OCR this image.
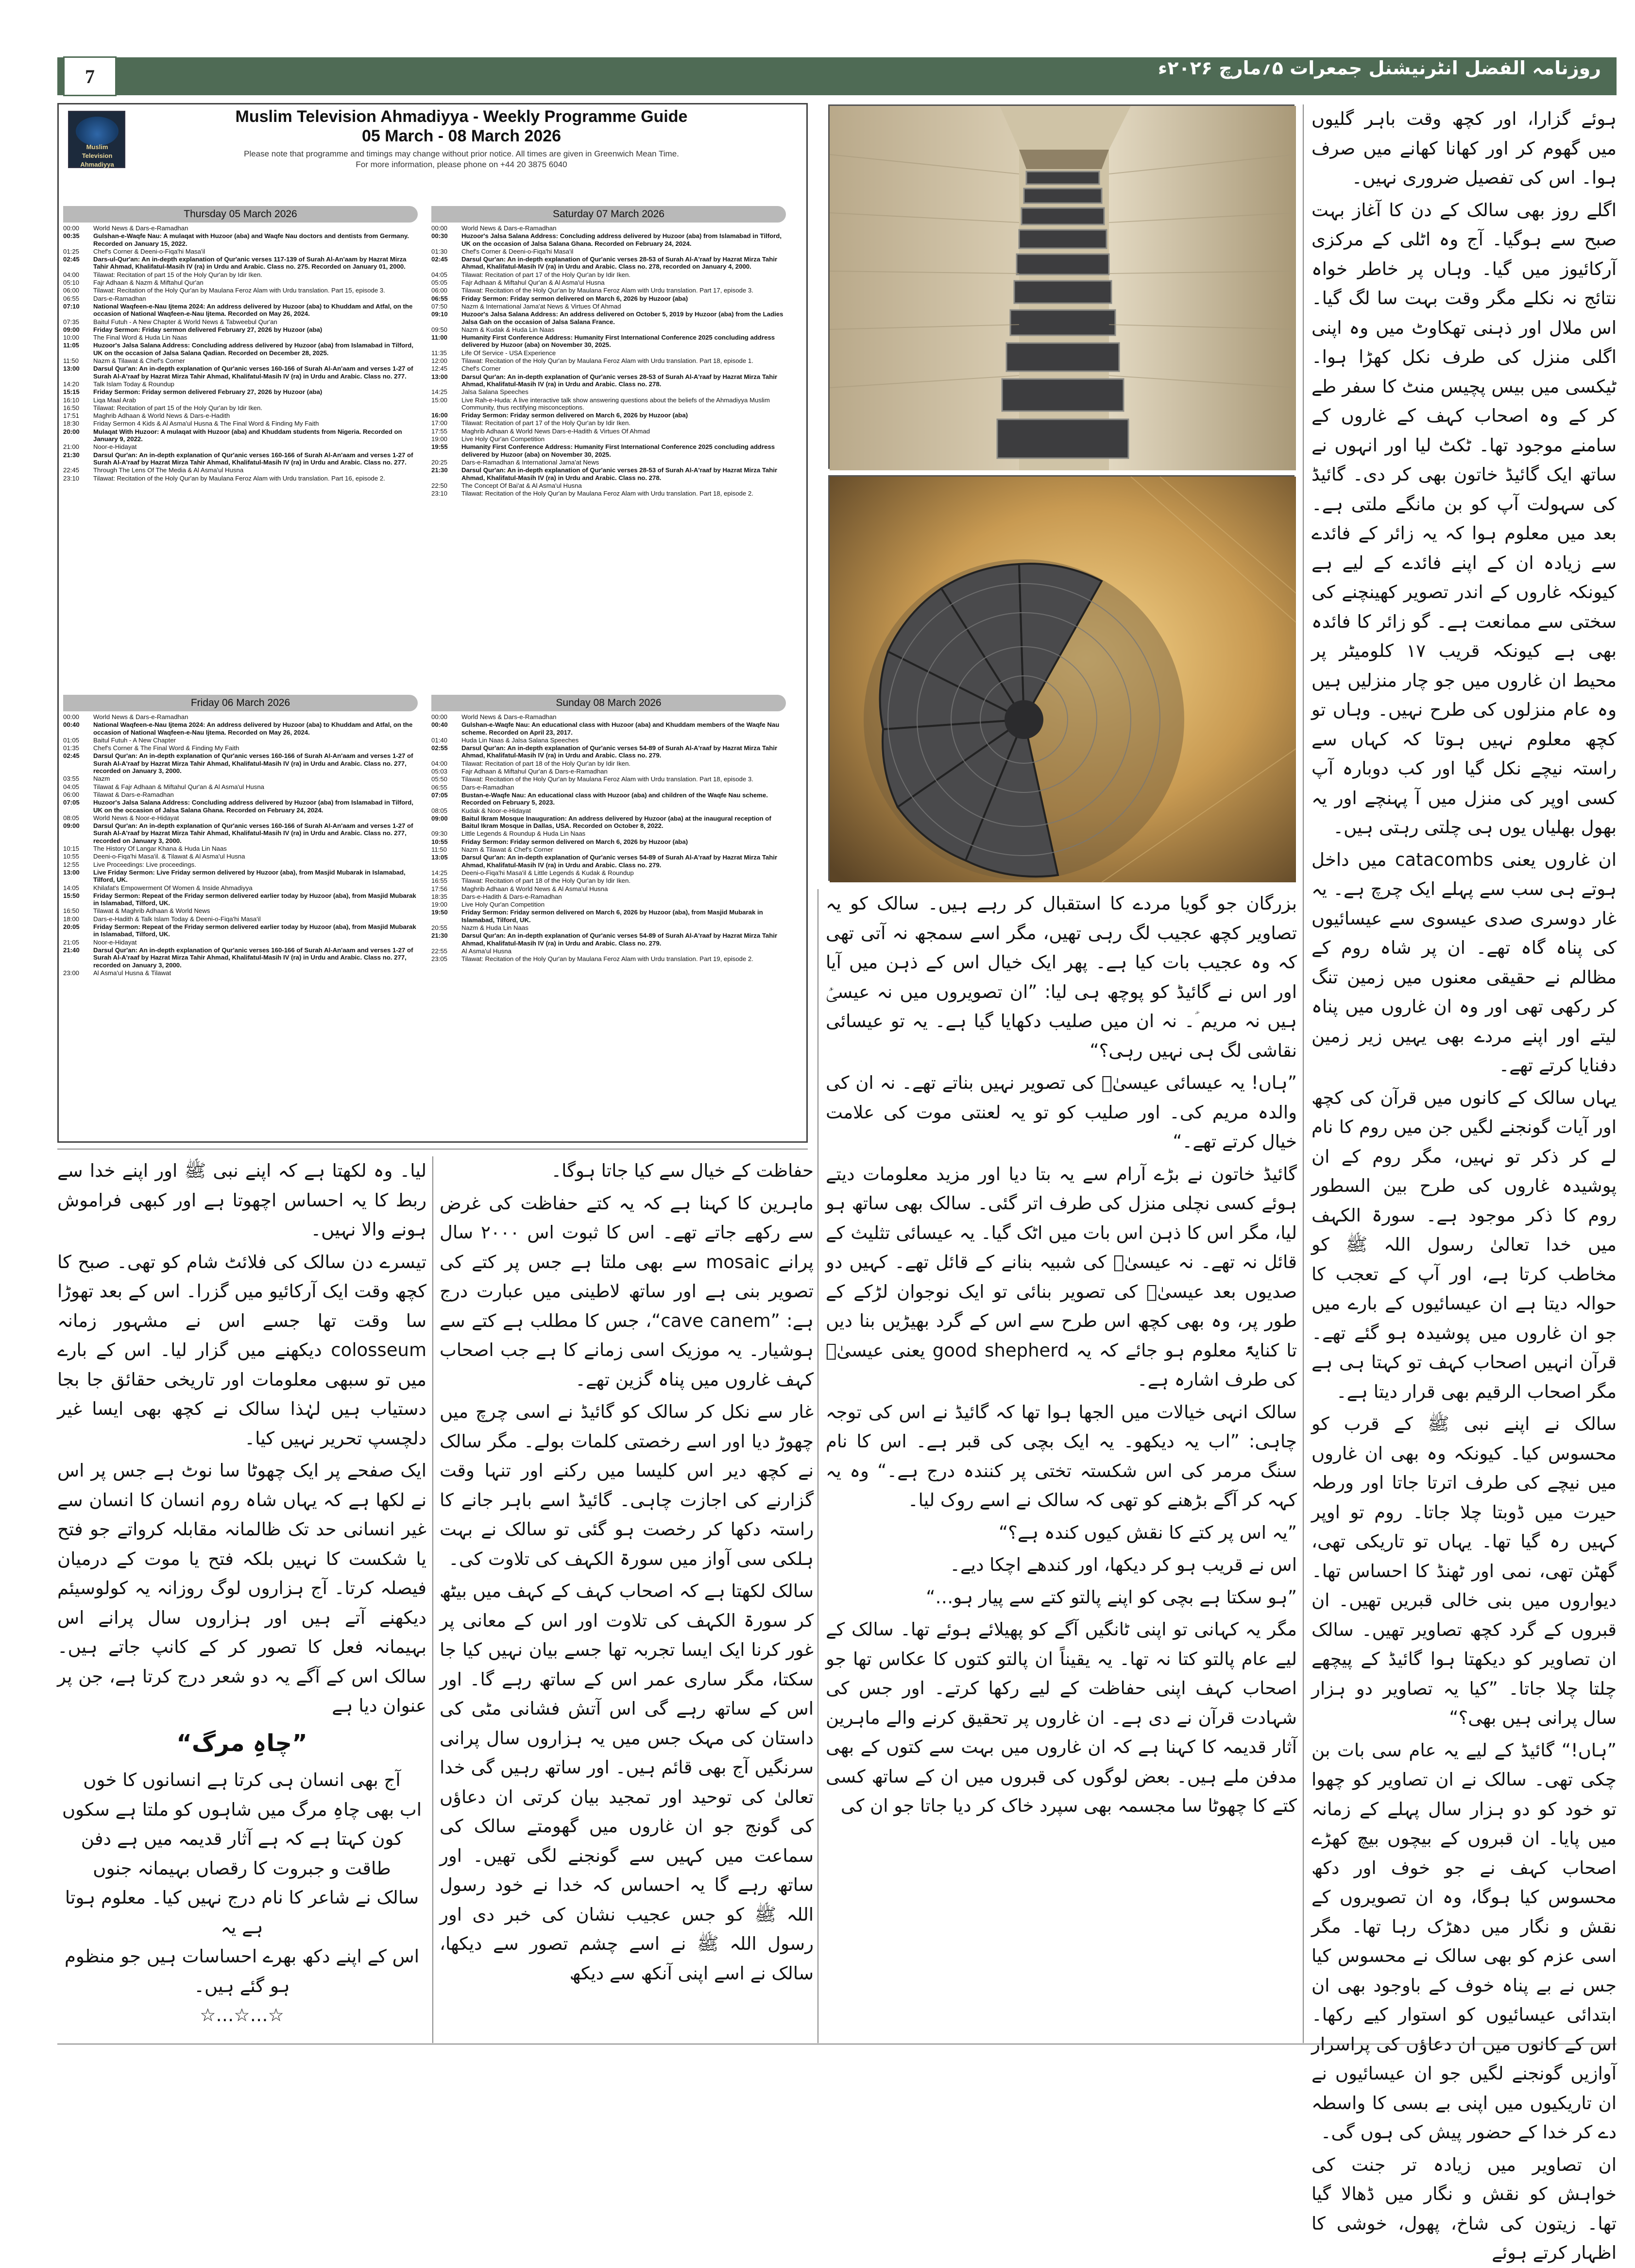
7	روزنامہ الفضل انٹرنیشنل جمعرات ۵؍مارچ ۲۰۲۶ء
Muslim Television Ahmadiyya
Muslim Television Ahmadiyya - Weekly Programme Guide
05 March - 08 March 2026
Please note that programme and timings may change without prior notice. All times are given in Greenwich Mean Time.
For more information, please phone on +44 20 3875 6040
Thursday 05 March 2026
00:00	World News & Dars-e-Ramadhan
00:35	Gulshan-e-Waqfe Nau: A mulaqat with Huzoor (aba) and Waqfe Nau doctors and dentists from Germany. Recorded on January 15, 2022.
01:25	Chef's Corner & Deeni-o-Fiqa'hi Masa'il
02:45	Dars-ul-Qur'an: An in-depth explanation of Qur'anic verses 117-139 of Surah Al-An'aam by Hazrat Mirza Tahir Ahmad, Khalifatul-Masih IV (ra) in Urdu and Arabic. Class no. 275. Recorded on January 01, 2000.
04:00	Tilawat: Recitation of part 15 of the Holy Qur'an by Idir Iken.
05:10	Fajr Adhaan & Nazm & Miftahul Qur'an
06:00	Tilawat: Recitation of the Holy Qur'an by Maulana Feroz Alam with Urdu translation. Part 15, episode 3.
06:55	Dars-e-Ramadhan
07:10	National Waqfeen-e-Nau Ijtema 2024: An address delivered by Huzoor (aba) to Khuddam and Atfal, on the occasion of National Waqfeen-e-Nau Ijtema. Recorded on May 26, 2024.
07:35	Baitul Futuh - A New Chapter & World News & Tabweebul Qur'an
09:00	Friday Sermon: Friday sermon delivered February 27, 2026 by Huzoor (aba)
10:00	The Final Word & Huda Lin Naas
11:05	Huzoor's Jalsa Salana Address: Concluding address delivered by Huzoor (aba) from Islamabad in Tilford, UK on the occasion of Jalsa Salana Qadian. Recorded on December 28, 2025.
11:50	Nazm & Tilawat & Chef's Corner
13:00	Darsul Qur'an: An in-depth explanation of Qur'anic verses 160-166 of Surah Al-An'aam and verses 1-27 of Surah Al-A'raaf by Hazrat Mirza Tahir Ahmad, Khalifatul-Masih IV (ra) in Urdu and Arabic. Class no. 277.
14:20	Talk Islam Today & Roundup
15:15	Friday Sermon: Friday sermon delivered February 27, 2026 by Huzoor (aba)
16:10	Liqa Maal Arab
16:50	Tilawat: Recitation of part 15 of the Holy Qur'an by Idir Iken.
17:51	Maghrib Adhaan & World News & Dars-e-Hadith
18:30	Friday Sermon 4 Kids & Al Asma'ul Husna & The Final Word & Finding My Faith
20:00	Mulaqat With Huzoor: A mulaqat with Huzoor (aba) and Khuddam students from Nigeria. Recorded on January 9, 2022.
21:00	Noor-e-Hidayat
21:30	Darsul Qur'an: An in-depth explanation of Qur'anic verses 160-166 of Surah Al-An'aam and verses 1-27 of Surah Al-A'raaf by Hazrat Mirza Tahir Ahmad, Khalifatul-Masih IV (ra) in Urdu and Arabic. Class no. 277.
22:45	Through The Lens Of The Media & Al Asma'ul Husna
23:10	Tilawat: Recitation of the Holy Qur'an by Maulana Feroz Alam with Urdu translation. Part 16, episode 2.
Friday 06 March 2026
00:00	World News & Dars-e-Ramadhan
00:40	National Waqfeen-e-Nau Ijtema 2024: An address delivered by Huzoor (aba) to Khuddam and Atfal, on the occasion of National Waqfeen-e-Nau Ijtema. Recorded on May 26, 2024.
01:05	Baitul Futuh - A New Chapter
01:35	Chef's Corner & The Final Word & Finding My Faith
02:45	Darsul Qur'an: An in-depth explanation of Qur'anic verses 160-166 of Surah Al-An'aam and verses 1-27 of Surah Al-A'raaf by Hazrat Mirza Tahir Ahmad, Khalifatul-Masih IV (ra) in Urdu and Arabic. Class no. 277, recorded on January 3, 2000.
03:55	Nazm
04:05	Tilawat & Fajr Adhaan & Miftahul Qur'an & Al Asma'ul Husna
06:00	Tilawat & Dars-e-Ramadhan
07:05	Huzoor's Jalsa Salana Address: Concluding address delivered by Huzoor (aba) from Islamabad in Tilford, UK on the occasion of Jalsa Salana Ghana. Recorded on February 24, 2024.
08:05	World News & Noor-e-Hidayat
09:00	Darsul Qur'an: An in-depth explanation of Qur'anic verses 160-166 of Surah Al-An'aam and verses 1-27 of Surah Al-A'raaf by Hazrat Mirza Tahir Ahmad, Khalifatul-Masih IV (ra) in Urdu and Arabic. Class no. 277, recorded on January 3, 2000.
10:15	The History Of Langar Khana & Huda Lin Naas
10:55	Deeni-o-Fiqa'hi Masa'il. & Tilawat & Al Asma'ul Husna
12:55	Live Proceedings: Live proceedings.
13:00	Live Friday Sermon: Live Friday sermon delivered by Huzoor (aba), from Masjid Mubarak in Islamabad, Tilford, UK.
14:05	Khilafat's Empowerment Of Women & Inside Ahmadiyya
15:50	Friday Sermon: Repeat of the Friday sermon delivered earlier today by Huzoor (aba), from Masjid Mubarak in Islamabad, Tilford, UK.
16:50	Tilawat & Maghrib Adhaan & World News
18:00	Dars-e-Hadith & Talk Islam Today & Deeni-o-Fiqa'hi Masa'il
20:05	Friday Sermon: Repeat of the Friday sermon delivered earlier today by Huzoor (aba), from Masjid Mubarak in Islamabad, Tilford, UK.
21:05	Noor-e-Hidayat
21:40	Darsul Qur'an: An in-depth explanation of Qur'anic verses 160-166 of Surah Al-An'aam and verses 1-27 of Surah Al-A'raaf by Hazrat Mirza Tahir Ahmad, Khalifatul-Masih IV (ra) in Urdu and Arabic. Class no. 277, recorded on January 3, 2000.
23:00	Al Asma'ul Husna & Tilawat
Saturday 07 March 2026
00:00	World News & Dars-e-Ramadhan
00:30	Huzoor's Jalsa Salana Address: Concluding address delivered by Huzoor (aba) from Islamabad in Tilford, UK on the occasion of Jalsa Salana Ghana. Recorded on February 24, 2024.
01:30	Chef's Corner & Deeni-o-Fiqa'hi Masa'il
02:45	Darsul Qur'an: An in-depth explanation of Qur'anic verses 28-53 of Surah Al-A'raaf by Hazrat Mirza Tahir Ahmad, Khalifatul-Masih IV (ra) in Urdu and Arabic. Class no. 278, recorded on January 4, 2000.
04:05	Tilawat: Recitation of part 17 of the Holy Qur'an by Idir Iken.
05:05	Fajr Adhaan & Miftahul Qur'an & Al Asma'ul Husna
06:00	Tilawat: Recitation of the Holy Qur'an by Maulana Feroz Alam with Urdu translation. Part 17, episode 3.
06:55	Friday Sermon: Friday sermon delivered on March 6, 2026 by Huzoor (aba)
07:50	Nazm & International Jama'at News & Virtues Of Ahmad
09:10	Huzoor's Jalsa Salana Address: An address delivered on October 5, 2019 by Huzoor (aba) from the Ladies Jalsa Gah on the occasion of Jalsa Salana France.
09:50	Nazm & Kudak & Huda Lin Naas
11:00	Humanity First Conference Address: Humanity First International Conference 2025 concluding address delivered by Huzoor (aba) on November 30, 2025.
11:35	Life Of Service - USA Experience
12:00	Tilawat: Recitation of the Holy Qur'an by Maulana Feroz Alam with Urdu translation. Part 18, episode 1.
12:45	Chef's Corner
13:00	Darsul Qur'an: An in-depth explanation of Qur'anic verses 28-53 of Surah Al-A'raaf by Hazrat Mirza Tahir Ahmad, Khalifatul-Masih IV (ra) in Urdu and Arabic. Class no. 278.
14:25	Jalsa Salana Speeches
15:00	Live Rah-e-Huda: A live interactive talk show answering questions about the beliefs of the Ahmadiyya Muslim Community, thus rectifying misconceptions.
16:00	Friday Sermon: Friday sermon delivered on March 6, 2026 by Huzoor (aba)
17:00	Tilawat: Recitation of part 17 of the Holy Qur'an by Idir Iken.
17:55	Maghrib Adhaan & World News Dars-e-Hadith & Virtues Of Ahmad
19:00	Live Holy Qur'an Competition
19:55	Humanity First Conference Address: Humanity First International Conference 2025 concluding address delivered by Huzoor (aba) on November 30, 2025.
20:25	Dars-e-Ramadhan & International Jama'at News
21:30	Darsul Qur'an: An in-depth explanation of Qur'anic verses 28-53 of Surah Al-A'raaf by Hazrat Mirza Tahir Ahmad, Khalifatul-Masih IV (ra) in Urdu and Arabic. Class no. 278.
22:50	The Concept Of Bai'at & Al Asma'ul Husna
23:10	Tilawat: Recitation of the Holy Qur'an by Maulana Feroz Alam with Urdu translation. Part 18, episode 2.
Sunday 08 March 2026
00:00	World News & Dars-e-Ramadhan
00:40	Gulshan-e-Waqfe Nau: An educational class with Huzoor (aba) and Khuddam members of the Waqfe Nau scheme. Recorded on April 23, 2017.
01:40	Huda Lin Naas & Jalsa Salana Speeches
02:55	Darsul Qur'an: An in-depth explanation of Qur'anic verses 54-89 of Surah Al-A'raaf by Hazrat Mirza Tahir Ahmad, Khalifatul-Masih IV (ra) in Urdu and Arabic. Class no. 279.
04:00	Tilawat: Recitation of part 18 of the Holy Qur'an by Idir Iken.
05:03	Fajr Adhaan & Miftahul Qur'an & Dars-e-Ramadhan
05:50	Tilawat: Recitation of the Holy Qur'an by Maulana Feroz Alam with Urdu translation. Part 18, episode 3.
06:55	Dars-e-Ramadhan
07:05	Bustan-e-Waqfe Nau: An educational class with Huzoor (aba) and children of the Waqfe Nau scheme. Recorded on February 5, 2023.
08:05	Kudak & Noor-e-Hidayat
09:00	Baitul Ikram Mosque Inauguration: An address delivered by Huzoor (aba) at the inaugural reception of Baitul Ikram Mosque in Dallas, USA. Recorded on October 8, 2022.
09:30	Little Legends & Roundup & Huda Lin Naas
10:55	Friday Sermon: Friday sermon delivered on March 6, 2026 by Huzoor (aba)
11:50	Nazm & Tilawat & Chef's Corner
13:05	Darsul Qur'an: An in-depth explanation of Qur'anic verses 54-89 of Surah Al-A'raaf by Hazrat Mirza Tahir Ahmad, Khalifatul-Masih IV (ra) in Urdu and Arabic. Class no. 279.
14:25	Deeni-o-Fiqa'hi Masa'il & Little Legends & Kudak & Roundup
16:55	Tilawat: Recitation of part 18 of the Holy Qur'an by Idir Iken.
17:56	Maghrib Adhaan & World News & Al Asma'ul Husna
18:35	Dars-e-Hadith & Dars-e-Ramadhan
19:00	Live Holy Qur'an Competition
19:50	Friday Sermon: Friday sermon delivered on March 6, 2026 by Huzoor (aba), from Masjid Mubarak in Islamabad, Tilford, UK.
20:55	Nazm & Huda Lin Naas
21:30	Darsul Qur'an: An in-depth explanation of Qur'anic verses 54-89 of Surah Al-A'raaf by Hazrat Mirza Tahir Ahmad, Khalifatul-Masih IV (ra) in Urdu and Arabic. Class no. 279.
22:55	Al Asma'ul Husna
23:05	Tilawat: Recitation of the Holy Qur'an by Maulana Feroz Alam with Urdu translation. Part 19, episode 2.

ہوئے گزارا، اور کچھ وقت باہر گلیوں میں گھوم کر اور کھانا کھانے میں صرف ہوا۔ اس کی تفصیل ضروری نہیں۔

اگلے روز بھی سالک کے دن کا آغاز بہت صبح سے ہوگیا۔ آج وہ اٹلی کے مرکزی آرکائیوز میں گیا۔ وہاں پر خاطر خواہ نتائج نہ نکلے مگر وقت بہت سا لگ گیا۔ اس ملال اور ذہنی تھکاوٹ میں وہ اپنی اگلی منزل کی طرف نکل کھڑا ہوا۔ ٹیکسی میں بیس پچیس منٹ کا سفر طے کر کے وہ اصحاب کہف کے غاروں کے سامنے موجود تھا۔ ٹکٹ لیا اور انہوں نے ساتھ ایک گائیڈ خاتون بھی کر دی۔ گائیڈ کی سہولت آپ کو بن مانگے ملتی ہے۔ بعد میں معلوم ہوا کہ یہ زائر کے فائدے سے زیادہ ان کے اپنے فائدے کے لیے ہے کیونکہ غاروں کے اندر تصویر کھینچنے کی سختی سے ممانعت ہے۔ گو زائر کا فائدہ بھی ہے کیونکہ قریب ۱۷ کلومیٹر پر محیط ان غاروں میں جو چار منزلیں ہیں وہ عام منزلوں کی طرح نہیں۔ وہاں تو کچھ معلوم نہیں ہوتا کہ کہاں سے راستہ نیچے نکل گیا اور کب دوبارہ آپ کسی اوپر کی منزل میں آ پہنچے اور یہ بھول بھلیاں یوں ہی چلتی رہتی ہیں۔

ان غاروں یعنی catacombs میں داخل ہوتے ہی سب سے پہلے ایک چرچ ہے۔ یہ غار دوسری صدی عیسوی سے عیسائیوں کی پناہ گاہ تھے۔ ان پر شاہ روم کے مظالم نے حقیقی معنوں میں زمین تنگ کر رکھی تھی اور وہ ان غاروں میں پناہ لیتے اور اپنے مردے بھی یہیں زیر زمین دفنایا کرتے تھے۔

یہاں سالک کے کانوں میں قرآن کی کچھ اور آیات گونجنے لگیں جن میں روم کا نام لے کر ذکر تو نہیں، مگر روم کے ان پوشیدہ غاروں کی طرح بین السطور روم کا ذکر موجود ہے۔ سورۃ الکہف میں خدا تعالیٰ رسول اللہ ﷺ کو مخاطب کرتا ہے، اور آپ کے تعجب کا حوالہ دیتا ہے ان عیسائیوں کے بارے میں جو ان غاروں میں پوشیدہ ہو گئے تھے۔ قرآن انہیں اصحاب کہف تو کہتا ہی ہے مگر اصحاب الرقیم بھی قرار دیتا ہے۔

سالک نے اپنے نبی ﷺ کے قرب کو محسوس کیا۔ کیونکہ وہ بھی ان غاروں میں نیچے کی طرف اترتا جاتا اور ورطہ حیرت میں ڈوبتا چلا جاتا۔ روم تو اوپر کہیں رہ گیا تھا۔ یہاں تو تاریکی تھی، گھٹن تھی، نمی اور ٹھنڈ کا احساس تھا۔ دیواروں میں بنی خالی قبریں تھیں۔ ان قبروں کے گرد کچھ تصاویر تھیں۔ سالک ان تصاویر کو دیکھتا ہوا گائیڈ کے پیچھے چلتا چلا جاتا۔ ”کیا یہ تصاویر دو ہزار سال پرانی ہیں بھی؟“

”ہاں!“ گائیڈ کے لیے یہ عام سی بات بن چکی تھی۔ سالک نے ان تصاویر کو چھوا تو خود کو دو ہزار سال پہلے کے زمانہ میں پایا۔ ان قبروں کے بیچوں بیچ کھڑے اصحاب کہف نے جو خوف اور دکھ محسوس کیا ہوگا، وہ ان تصویروں کے نقش و نگار میں دھڑک رہا تھا۔ مگر اسی عزم کو بھی سالک نے محسوس کیا جس نے بے پناہ خوف کے باوجود بھی ان ابتدائی عیسائیوں کو استوار کیے رکھا۔ اس کے کانوں میں ان دعاؤں کی پراسرار آوازیں گونجنے لگیں جو ان عیسائیوں نے ان تاریکیوں میں اپنی بے بسی کا واسطہ دے کر خدا کے حضور پیش کی ہوں گی۔

ان تصاویر میں زیادہ تر جنت کی خواہش کو نقش و نگار میں ڈھالا گیا تھا۔ زیتون کی شاخ، پھول، خوشی کا اظہار کرتے ہوئے

بزرگان جو گویا مردے کا استقبال کر رہے ہیں۔ سالک کو یہ تصاویر کچھ عجیب لگ رہی تھیں، مگر اسے سمجھ نہ آتی تھی کہ وہ عجیب بات کیا ہے۔ پھر ایک خیال اس کے ذہن میں آیا اور اس نے گائیڈ کو پوچھ ہی لیا: ”ان تصویروں میں نہ عیسیٰؑ ہیں نہ مریم ؑ۔ نہ ان میں صلیب دکھایا گیا ہے۔ یہ تو عیسائی نقاشی لگ ہی نہیں رہی؟“

”ہاں! یہ عیسائی عیسیٰؑ کی تصویر نہیں بناتے تھے۔ نہ ان کی والدہ مریم کی۔ اور صلیب کو تو یہ لعنتی موت کی علامت خیال کرتے تھے۔“

گائیڈ خاتون نے بڑے آرام سے یہ بتا دیا اور مزید معلومات دیتے ہوئے کسی نچلی منزل کی طرف اتر گئی۔ سالک بھی ساتھ ہو لیا، مگر اس کا ذہن اس بات میں اٹک گیا۔ یہ عیسائی تثلیث کے قائل نہ تھے۔ نہ عیسیٰؑ کی شبیہ بنانے کے قائل تھے۔ کہیں دو صدیوں بعد عیسیٰؑ کی تصویر بنائی تو ایک نوجوان لڑکے کے طور پر، وہ بھی کچھ اس طرح سے اس کے گرد بھیڑیں بنا دیں تا کنایۃً معلوم ہو جائے کہ یہ good shepherd یعنی عیسیٰؑ کی طرف اشارہ ہے۔

سالک انہی خیالات میں الجھا ہوا تھا کہ گائیڈ نے اس کی توجہ چاہی: ”اب یہ دیکھو۔ یہ ایک بچی کی قبر ہے۔ اس کا نام سنگ مرمر کی اس شکستہ تختی پر کنندہ درج ہے۔“ وہ یہ کہہ کر آگے بڑھنے کو تھی کہ سالک نے اسے روک لیا۔

”یہ اس پر کتے کا نقش کیوں کندہ ہے؟“

اس نے قریب ہو کر دیکھا، اور کندھے اچکا دیے۔

”ہو سکتا ہے بچی کو اپنے پالتو کتے سے پیار ہو…“

مگر یہ کہانی تو اپنی ٹانگیں آگے کو پھیلائے ہوئے تھا۔ سالک کے لیے عام پالتو کتا نہ تھا۔ یہ یقیناً ان پالتو کتوں کا عکاس تھا جو اصحاب کہف اپنی حفاظت کے لیے رکھا کرتے۔ اور جس کی شہادت قرآن نے دی ہے۔ ان غاروں پر تحقیق کرنے والے ماہرین آثار قدیمہ کا کہنا ہے کہ ان غاروں میں بہت سے کتوں کے بھی مدفن ملے ہیں۔ بعض لوگوں کی قبروں میں ان کے ساتھ کسی کتے کا چھوٹا سا مجسمہ بھی سپرد خاک کر دیا جاتا جو ان کی

حفاظت کے خیال سے کیا جاتا ہوگا۔

ماہرین کا کہنا ہے کہ یہ کتے حفاظت کی غرض سے رکھے جاتے تھے۔ اس کا ثبوت اس ۲۰۰۰ سال پرانے mosaic سے بھی ملتا ہے جس پر کتے کی تصویر بنی ہے اور ساتھ لاطینی میں عبارت درج ہے: ”cave canem“، جس کا مطلب ہے کتے سے ہوشیار۔ یہ موزیک اسی زمانے کا ہے جب اصحاب کہف غاروں میں پناہ گزین تھے۔

غار سے نکل کر سالک کو گائیڈ نے اسی چرچ میں چھوڑ دیا اور اسے رخصتی کلمات بولے۔ مگر سالک نے کچھ دیر اس کلیسا میں رکنے اور تنہا وقت گزارنے کی اجازت چاہی۔ گائیڈ اسے باہر جانے کا راستہ دکھا کر رخصت ہو گئی تو سالک نے بہت ہلکی سی آواز میں سورۃ الکہف کی تلاوت کی۔

سالک لکھتا ہے کہ اصحاب کہف کے کہف میں بیٹھ کر سورۃ الکہف کی تلاوت اور اس کے معانی پر غور کرنا ایک ایسا تجربہ تھا جسے بیان نہیں کیا جا سکتا، مگر ساری عمر اس کے ساتھ رہے گا۔ اور اس کے ساتھ رہے گی اس آتش فشانی مٹی کی داستان کی مہک جس میں یہ ہزاروں سال پرانی سرنگیں آج بھی قائم ہیں۔ اور ساتھ رہیں گی خدا تعالیٰ کی توحید اور تمجید بیان کرتی ان دعاؤں کی گونج جو ان غاروں میں گھومتے سالک کی سماعت میں کہیں سے گونجنے لگی تھیں۔ اور ساتھ رہے گا یہ احساس کہ خدا نے خود رسول اللہ ﷺ کو جس عجیب نشان کی خبر دی اور رسول اللہ ﷺ نے اسے چشم تصور سے دیکھا، سالک نے اسے اپنی آنکھ سے دیکھ

لیا۔ وہ لکھتا ہے کہ اپنے نبی ﷺ اور اپنے خدا سے ربط کا یہ احساس اچھوتا ہے اور کبھی فراموش ہونے والا نہیں۔

تیسرے دن سالک کی فلائٹ شام کو تھی۔ صبح کا کچھ وقت ایک آرکائیو میں گزرا۔ اس کے بعد تھوڑا سا وقت تھا جسے اس نے مشہور زمانہ colosseum دیکھنے میں گزار لیا۔ اس کے بارے میں تو سبھی معلومات اور تاریخی حقائق جا بجا دستیاب ہیں لہٰذا سالک نے کچھ بھی ایسا غیر دلچسپ تحریر نہیں کیا۔

ایک صفحے پر ایک چھوٹا سا نوٹ ہے جس پر اس نے لکھا ہے کہ یہاں شاہ روم انسان کا انسان سے غیر انسانی حد تک ظالمانہ مقابلہ کرواتے جو فتح یا شکست کا نہیں بلکہ فتح یا موت کے درمیان فیصلہ کرتا۔ آج ہزاروں لوگ روزانہ یہ کولوسیئم دیکھنے آتے ہیں اور ہزاروں سال پرانے اس بہیمانہ فعل کا تصور کر کے کانپ جاتے ہیں۔ سالک اس کے آگے یہ دو شعر درج کرتا ہے، جن پر عنوان دیا ہے

”چاہِ مرگ“
آج بھی انسان ہی کرتا ہے انسانوں کا خوں
اب بھی چاہِ مرگ میں شاہوں کو ملتا ہے سکوں
کون کہتا ہے کہ ہے آثار قدیمہ میں ہے دفن
طاقت و جبروت کا رقصاں بہیمانہ جنوں
سالک نے شاعر کا نام درج نہیں کیا۔ معلوم ہوتا ہے یہ
اس کے اپنے دکھ بھرے احساسات ہیں جو منظوم ہو گئے ہیں۔
☆…☆…☆
